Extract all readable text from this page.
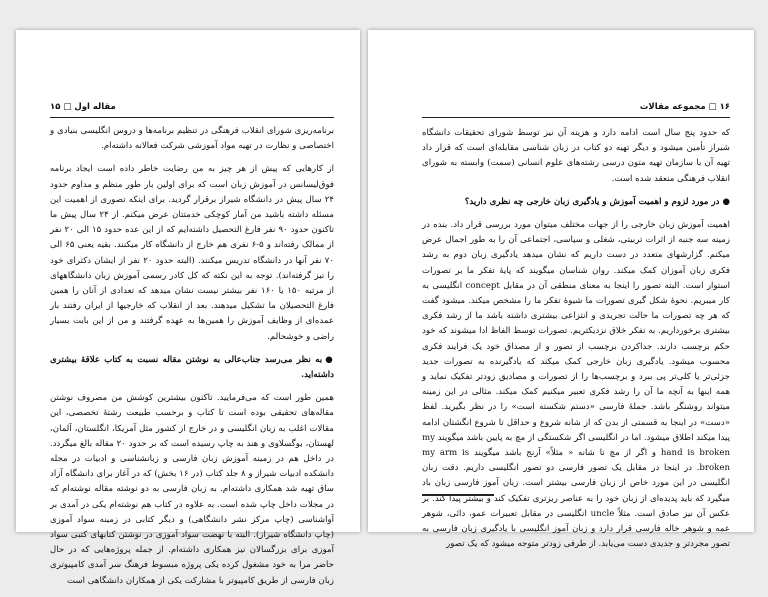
مقاله اول □ ۱۵

برنامه‌ریزی شورای انقلاب فرهنگی در تنظیم برنامه‌ها و دروس انگلیسی بنیادی و اختصاصی و نظارت در تهیه مواد آموزشی شرکت فعالانه داشته‌ام.

از کارهایی که پیش از هر چیز به من رضایت خاطر داده است ایجاد برنامه فوق‌لیسانس در آموزش زبان است که برای اولین بار طور منظم و مداوم حدود ۲۴ سال پیش در دانشگاه شیراز برقرار گردید. برای اینکه تصوری از اهمیت این مسئله داشته باشید من آمار کوچکی خدمتتان عرض میکنم. از ۲۴ سال پیش ما تاکنون حدود ۹۰ نفر فارغ التحصیل داشته‌ایم که از این عده حدود ۱۵ الی ۲۰ نفر از ممالک رفته‌اند و ۵-۶ نفری هم خارج از دانشگاه کار میکنند. بقیه یعنی ۶۵ الی ۷۰ نفر آنها در دانشگاه تدریس میکنند. (البته حدود ۲۰ نفر از ایشان دکترای خود را نیز گرفته‌اند). توجه به این نکته که کل کادر رسمی آموزش زبان دانشگاههای از مرتبه ۱۵۰ یا ۱۶۰ نفر بیشتر نیست نشان میدهد که تعدادی از آنان را همین فارغ التحصیلان ما تشکیل میدهند. بعد از انقلاب که خارجیها از ایران رفتند بار عمده‌ای از وظایف آموزش را همین‌ها به عهده گرفتند و من از این بابت بسیار راضی و خوشحالم.

●به نظر می‌رسد جناب‌عالی به نوشتن مقاله نسبت به کتاب علاقهٔ بیشتری داشته‌اید.

همین طور است که می‌فرمایید. تاکنون بیشترین کوشش من مصروف نوشتن مقاله‌های تحقیقی بوده است تا کتاب و برحسب طبیعت رشتهٔ تخصصی، این مقالات اغلب به زبان انگلیسی و در خارج از کشور مثل آمریکا، انگلستان، آلمان، لهستان، یوگسلاوی و هند به چاپ رسیده است که بر حدود ۲۰ مقاله بالغ میگردد. در داخل هم در زمینه آموزش زبان فارسی و زبانشناسی و ادبیات در مجله دانشکده ادبیات شیراز و ۸ جلد کتاب (در ۱۶ بخش) که در آغاز برای دانشگاه آزاد ساق تهیه شد همکاری داشته‌ام. به زبان فارسی به دو نوشته مقاله نوشته‌ام که در مجلات داخل چاپ شده است. به علاوه در کتاب هم نوشته‌ام یکی در آمدی بر آواشناسی (چاپ مرکز نشر دانشگاهی) و دیگر کتابی در زمینه سواد آموزی (چاپ دانشگاه شیراز). البته با نهضت سواد آموزی در نوشتن کتابهای کتبی سواد آموزی برای بزرگسالان نیز همکاری داشته‌ام. از جمله پروژه‌هایی که در حال حاضر مرا به خود مشغول کرده یکی پروژه مبسوط فرهنگ سر آمدی کامپیوتری زبان فارسی از طریق کامپیوتر با مشارکت یکی از همکاران دانشگاهی است

۱۶ □ مجموعه مقالات

که حدود پنج سال است ادامه دارد و هزینه آن نیز توسط شورای تحقیقات دانشگاه شیراز تأمین میشود و دیگر تهیه دو کتاب در زبان شناسی مقابله‌ای است که قرار داد تهیه آن با سازمان تهیه متون درسی رشته‌های علوم انسانی (سمت) وابسته به شورای انقلاب فرهنگی منعقد شده است.

●در مورد لزوم و اهمیت آموزش و یادگیری زبان خارجی چه نظری دارید؟

اهمیت آموزش زبان خارجی را از جهات مختلف میتوان مورد بررسی قرار داد. بنده در زمینه سه جنبه از اثرات تربیتی، شغلی و سیاسی، اجتماعی آن را به طور اجمال عرض میکنم. گزارشهای متعدد در دست داریم که نشان میدهد یادگیری زبان دوم به رشد فکری زبان آموزان کمک میکند. روان شناسان میگویند که پایهٔ تفکر ما بر تصورات استوار است. البته تصور را اینجا به معنای منطقی آن در مقابل concept انگلیسی به کار میبریم. نحوهٔ شکل گیری تصورات ما شیوهٔ تفکر ما را مشخص میکند. میشود گفت که هر چه تصورات ما حالت تجریدی و انتزاعی بیشتری داشته باشد ما از رشد فکری بیشتری برخورداریم. به تفکر خلاق نزدیکتریم. تصورات توسط الفاظ ادا میشوند که خود حکم برچسب دارند. جداکردن برچسب از تصور و از مصداق خود یک فرایند فکری محسوب میشود. یادگیری زبان خارجی کمک میکند که یادگیرنده به تصورات جدید جزئی‌تر یا کلی‌تر پی ببرد و برچسب‌ها را از تصورات و مصادیق زودتر تفکیک نماید و همه اینها به آنچه ما آن را رشد فکری تعبیر میکنیم کمک میکند. مثالی در این زمینه میتواند روشنگر باشد. جملهٔ فارسی «دستم شکسته است» را در نظر بگیرید. لفظ «دست» در اینجا به قسمتی از بدن که از شانه شروع و حداقل تا شروع انگشتان ادامه پیدا میکند اطلاق میشود. اما در انگلیسی اگر شکستگی از مچ به پایین باشد میگویند my hand is broken و اگر از مچ تا شانه « مثلاً» آرنج باشد میگویند my arm is broken. در اینجا در مقابل یک تصور فارسی دو تصور انگلیسی داریم. دقت زبان انگلیسی در این مورد خاص از زبان فارسی بیشتر است. زبان آموز فارسی زبان باد میگیرد که باید پدیده‌ای از زبان خود را به عناصر ریزتری تفکیک کند و بیشتر پیدا کند. بر عکس آن نیز صادق است. مثلاً uncle انگلیسی در مقابل تعبیرات عمو، دائی، شوهر عمه و شوهر خاله فارسی قرار دارد و زبان آموز انگلیسی با یادگیری زبان فارسی به تصور مجردتر و جدیدی دست می‌یابد. از طرفی زودتر متوجه میشود که یک تصور
